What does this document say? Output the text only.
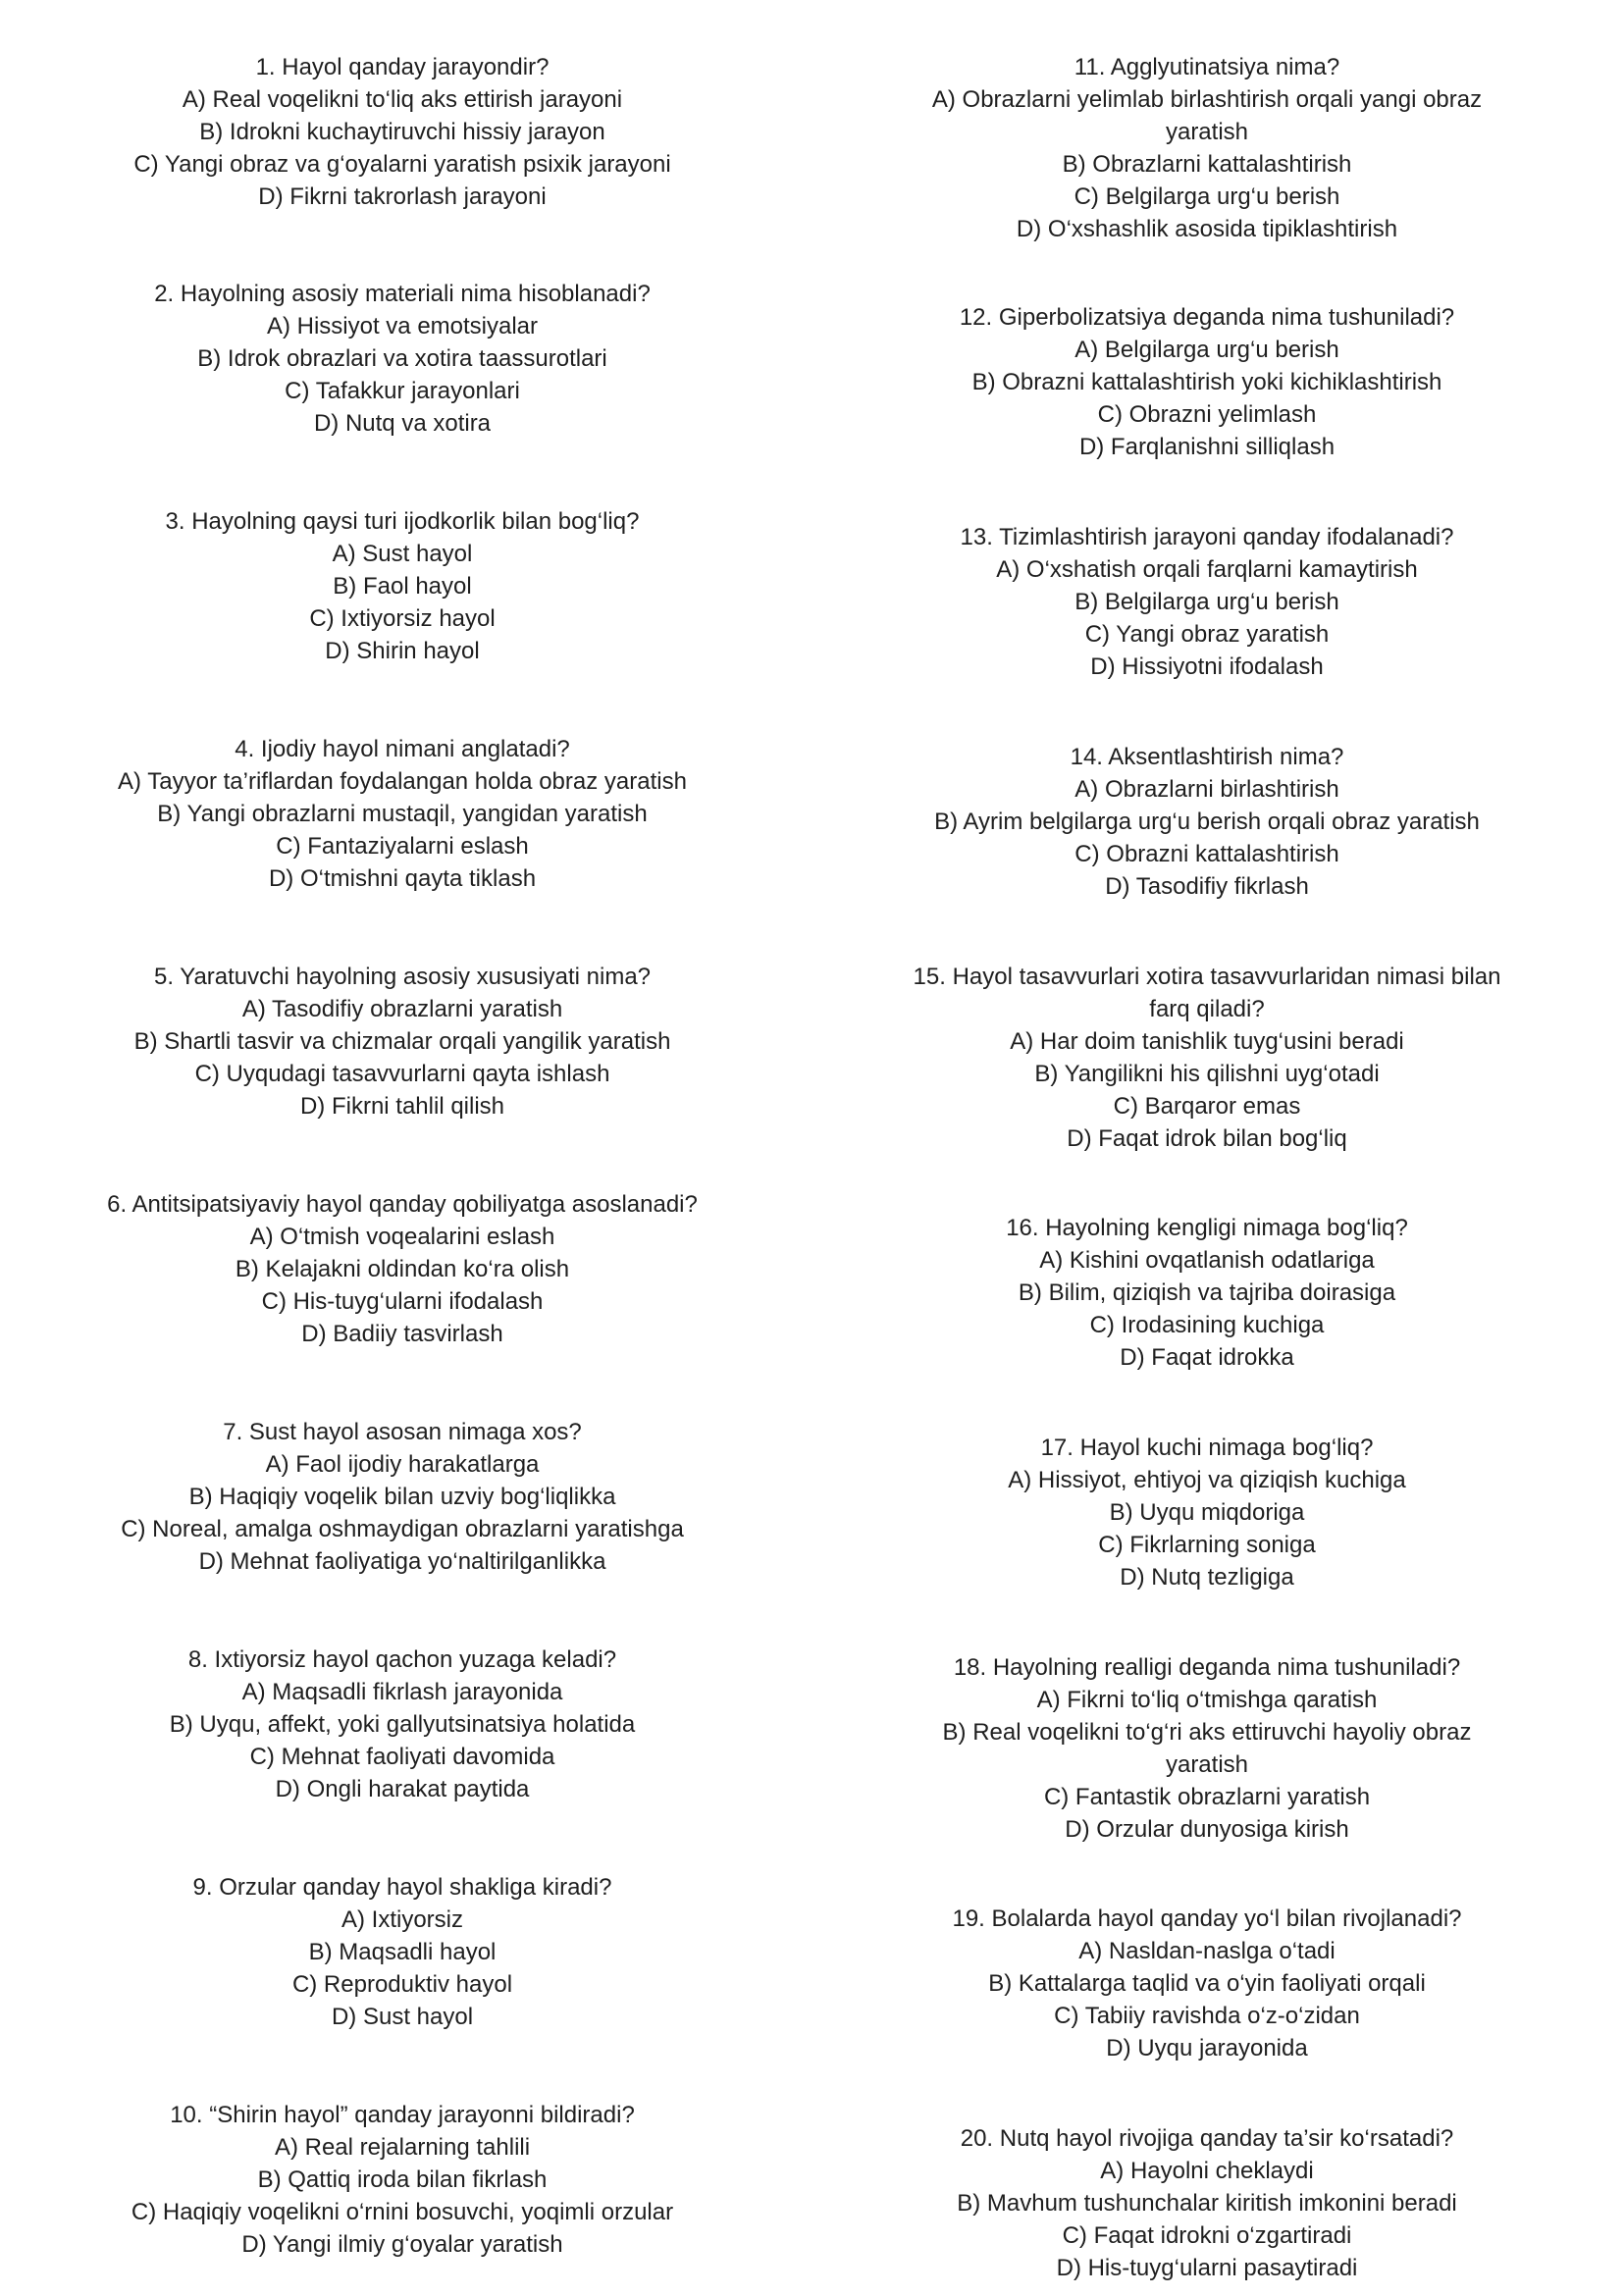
1. Hayol qanday jarayondir?
A) Real voqelikni to‘liq aks ettirish jarayoni
B) Idrokni kuchaytiruvchi hissiy jarayon
C) Yangi obraz va g‘oyalarni yaratish psixik jarayoni
D) Fikrni takrorlash jarayoni
2. Hayolning asosiy materiali nima hisoblanadi?
A) Hissiyot va emotsiyalar
B) Idrok obrazlari va xotira taassurotlari
C) Tafakkur jarayonlari
D) Nutq va xotira
3. Hayolning qaysi turi ijodkorlik bilan bog‘liq?
A) Sust hayol
B) Faol hayol
C) Ixtiyorsiz hayol
D) Shirin hayol
4. Ijodiy hayol nimani anglatadi?
A) Tayyor ta’riflardan foydalangan holda obraz yaratish
B) Yangi obrazlarni mustaqil, yangidan yaratish
C) Fantaziyalarni eslash
D) O‘tmishni qayta tiklash
5. Yaratuvchi hayolning asosiy xususiyati nima?
A) Tasodifiy obrazlarni yaratish
B) Shartli tasvir va chizmalar orqali yangilik yaratish
C) Uyqudagi tasavvurlarni qayta ishlash
D) Fikrni tahlil qilish
6. Antitsipatsiyaviy hayol qanday qobiliyatga asoslanadi?
A) O‘tmish voqealarini eslash
B) Kelajakni oldindan ko‘ra olish
C) His-tuyg‘ularni ifodalash
D) Badiiy tasvirlash
7. Sust hayol asosan nimaga xos?
A) Faol ijodiy harakatlarga
B) Haqiqiy voqelik bilan uzviy bog‘liqlikka
C) Noreal, amalga oshmaydigan obrazlarni yaratishga
D) Mehnat faoliyatiga yo‘naltirilganlikka
8. Ixtiyorsiz hayol qachon yuzaga keladi?
A) Maqsadli fikrlash jarayonida
B) Uyqu, affekt, yoki gallyutsinatsiya holatida
C) Mehnat faoliyati davomida
D) Ongli harakat paytida
9. Orzular qanday hayol shakliga kiradi?
A) Ixtiyorsiz
B) Maqsadli hayol
C) Reproduktiv hayol
D) Sust hayol
10. “Shirin hayol” qanday jarayonni bildiradi?
A) Real rejalarning tahlili
B) Qattiq iroda bilan fikrlash
C) Haqiqiy voqelikni o‘rnini bosuvchi, yoqimli orzular
D) Yangi ilmiy g‘oyalar yaratish
11. Agglyutinatsiya nima?
A) Obrazlarni yelimlab birlashtirish orqali yangi obraz
yaratish
B) Obrazlarni kattalashtirish
C) Belgilarga urg‘u berish
D) O‘xshashlik asosida tipiklashtirish
12. Giperbolizatsiya deganda nima tushuniladi?
A) Belgilarga urg‘u berish
B) Obrazni kattalashtirish yoki kichiklashtirish
C) Obrazni yelimlash
D) Farqlanishni silliqlash
13. Tizimlashtirish jarayoni qanday ifodalanadi?
A) O‘xshatish orqali farqlarni kamaytirish
B) Belgilarga urg‘u berish
C) Yangi obraz yaratish
D) Hissiyotni ifodalash
14. Aksentlashtirish nima?
A) Obrazlarni birlashtirish
B) Ayrim belgilarga urg‘u berish orqali obraz yaratish
C) Obrazni kattalashtirish
D) Tasodifiy fikrlash
15. Hayol tasavvurlari xotira tasavvurlaridan nimasi bilan
farq qiladi?
A) Har doim tanishlik tuyg‘usini beradi
B) Yangilikni his qilishni uyg‘otadi
C) Barqaror emas
D) Faqat idrok bilan bog‘liq
16. Hayolning kengligi nimaga bog‘liq?
A) Kishini ovqatlanish odatlariga
B) Bilim, qiziqish va tajriba doirasiga
C) Irodasining kuchiga
D) Faqat idrokka
17. Hayol kuchi nimaga bog‘liq?
A) Hissiyot, ehtiyoj va qiziqish kuchiga
B) Uyqu miqdoriga
C) Fikrlarning soniga
D) Nutq tezligiga
18. Hayolning realligi deganda nima tushuniladi?
A) Fikrni to‘liq o‘tmishga qaratish
B) Real voqelikni to‘g‘ri aks ettiruvchi hayoliy obraz
yaratish
C) Fantastik obrazlarni yaratish
D) Orzular dunyosiga kirish
19. Bolalarda hayol qanday yo‘l bilan rivojlanadi?
A) Nasldan-naslga o‘tadi
B) Kattalarga taqlid va o‘yin faoliyati orqali
C) Tabiiy ravishda o‘z-o‘zidan
D) Uyqu jarayonida
20. Nutq hayol rivojiga qanday ta’sir ko‘rsatadi?
A) Hayolni cheklaydi
B) Mavhum tushunchalar kiritish imkonini beradi
C) Faqat idrokni o‘zgartiradi
D) His-tuyg‘ularni pasaytiradi
